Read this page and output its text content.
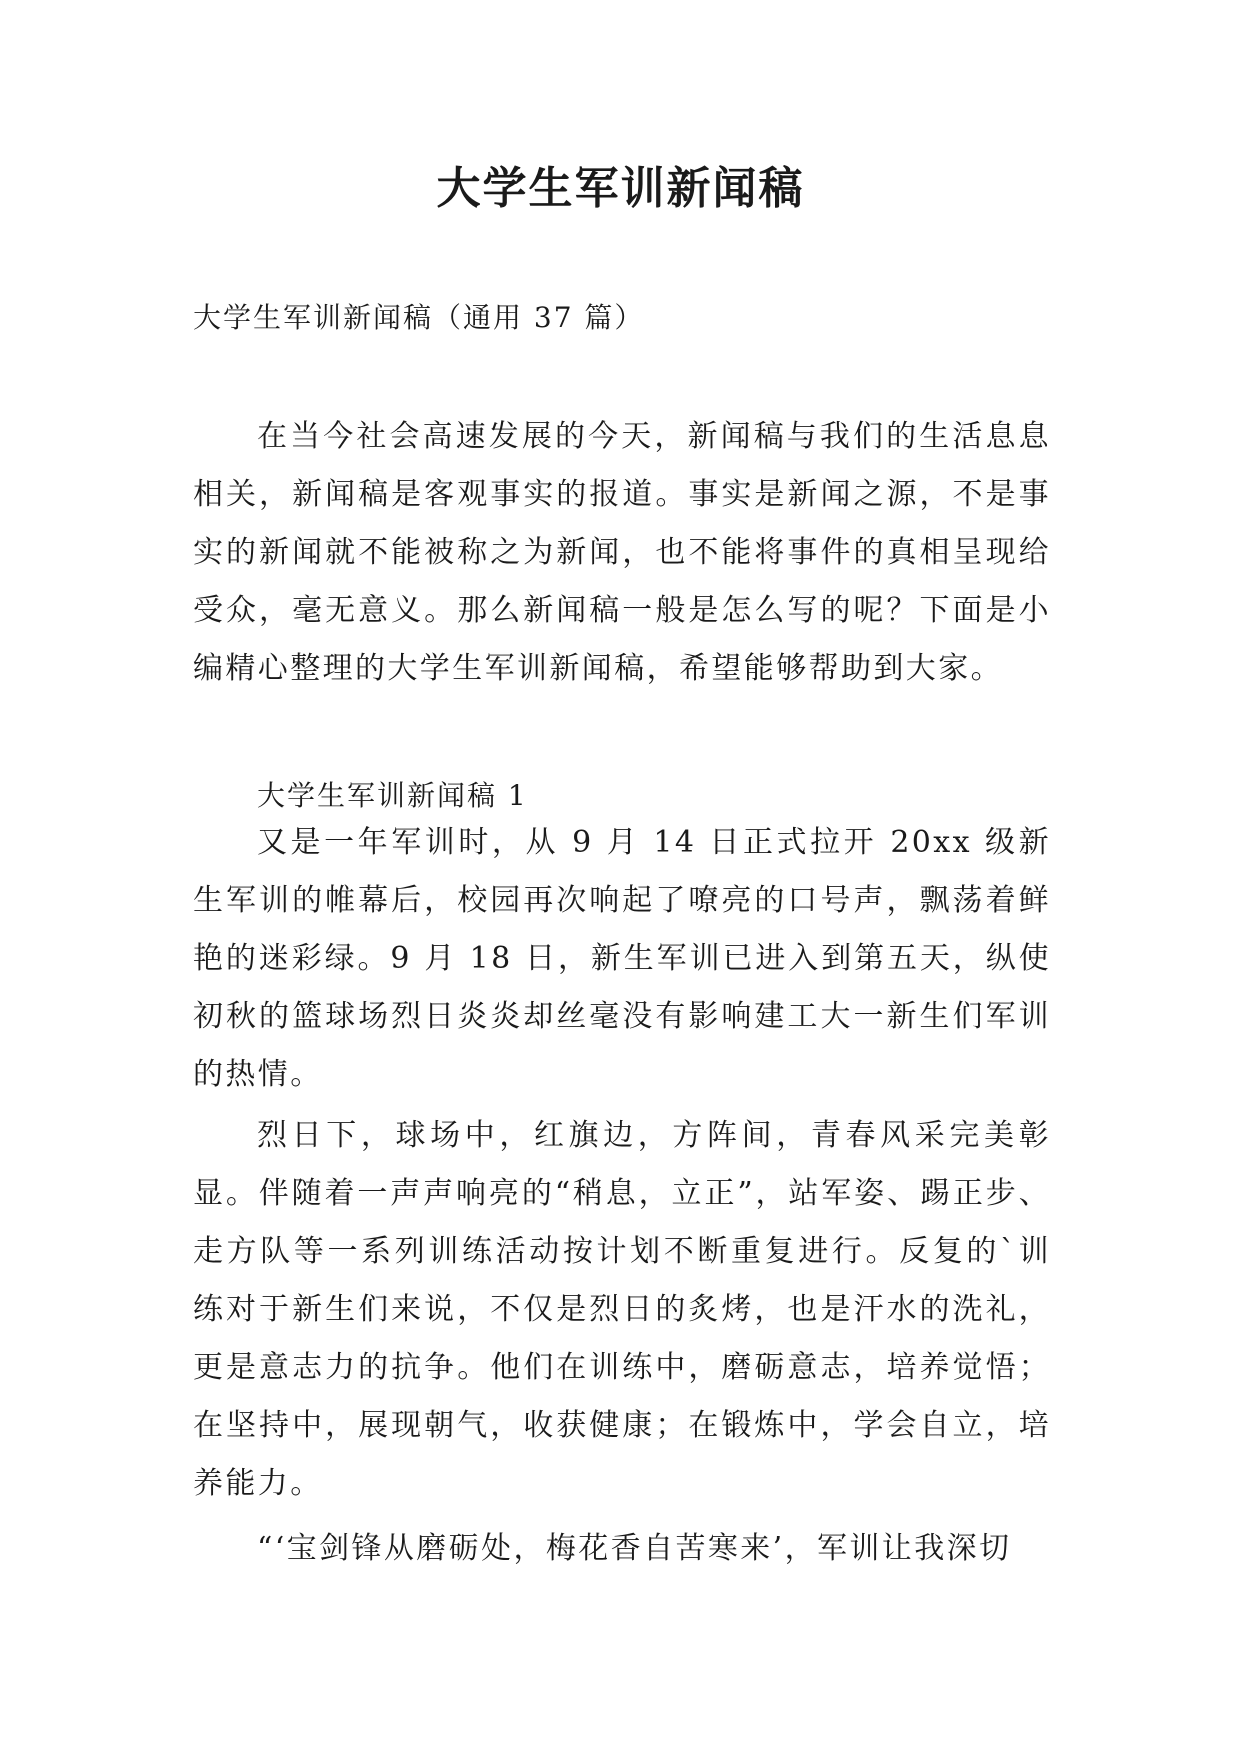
大学生军训新闻稿

大学生军训新闻稿（通用 37 篇）

在当今社会高速发展的今天，新闻稿与我们的生活息息相关，新闻稿是客观事实的报道。事实是新闻之源，不是事实的新闻就不能被称之为新闻，也不能将事件的真相呈现给受众，毫无意义。那么新闻稿一般是怎么写的呢？下面是小编精心整理的大学生军训新闻稿，希望能够帮助到大家。

大学生军训新闻稿 1

又是一年军训时，从 9 月 14 日正式拉开 20xx 级新生军训的帷幕后，校园再次响起了嘹亮的口号声，飘荡着鲜艳的迷彩绿。9 月 18 日，新生军训已进入到第五天，纵使初秋的篮球场烈日炎炎却丝毫没有影响建工大一新生们军训的热情。

烈日下，球场中，红旗边，方阵间，青春风采完美彰显。伴随着一声声响亮的“稍息，立正”，站军姿、踢正步、走方队等一系列训练活动按计划不断重复进行。反复的`训练对于新生们来说，不仅是烈日的炙烤，也是汗水的洗礼，更是意志力的抗争。他们在训练中，磨砺意志，培养觉悟；在坚持中，展现朝气，收获健康；在锻炼中，学会自立，培养能力。

“‘宝剑锋从磨砺处，梅花香自苦寒来’，军训让我深切
